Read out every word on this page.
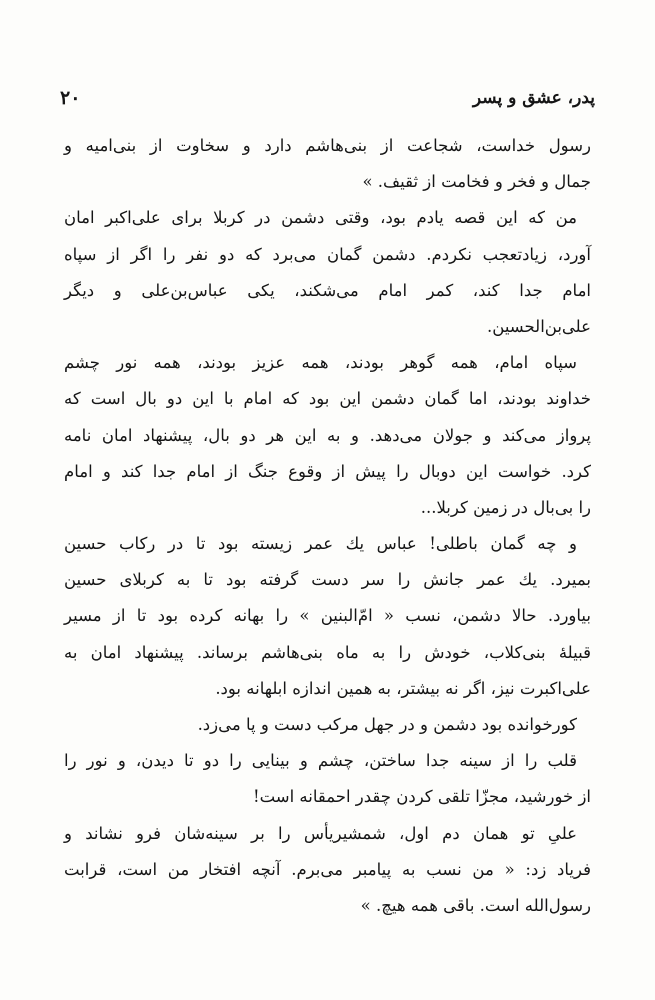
پدر، عشق و پسر
۲۰
رسول خداست، شجاعت از بنی‌هاشم دارد و سخاوت از بنی‌امیه و
جمال و فخر و فخامت از ثقیف. »
من که این قصه یادم بود، وقتی دشمن در کربلا برای علی‌اکبر امان
آورد، زیادتعجب نکردم. دشمن گمان می‌برد که دو نفر را اگر از سپاه
امام جدا کند، کمر امام می‌شکند، یکی عباس‌بن‌علی و دیگر
علی‌بن‌الحسین.
سپاه امام، همه گوهر بودند، همه عزیز بودند، همه نور چشم
خداوند بودند، اما گمان دشمن این بود که امام با این دو بال است که
پرواز می‌کند و جولان می‌دهد. و به این هر دو بال، پیشنهاد امان نامه
کرد. خواست این دوبال را پیش از وقوع جنگ از امام جدا کند و امام
را بی‌بال در زمین کربلا...
و چه گمان باطلی! عباس یك عمر زیسته بود تا در رکاب حسین
بمیرد. یك عمر جانش را سر دست گرفته بود تا به کربلای حسین
بیاورد. حالا دشمن، نسب « امّ‌البنین » را بهانه کرده بود تا از مسیر
قبیلهٔ بنی‌کلاب، خودش را به ماه بنی‌هاشم برساند. پیشنهاد امان به
علی‌اکبرت نیز، اگر نه بیشتر، به همین اندازه ابلهانه بود.
کورخوانده بود دشمن و در جهل مرکب دست و پا می‌زد.
قلب را از سینه جدا ساختن، چشم و بینایی را دو تا دیدن، و نور را
از خورشید، مجزّا تلقی کردن چقدر احمقانه است!
علیِ تو همان دم اول، شمشیریأس را بر سینه‌شان فرو نشاند و
فریاد زد: « من نسب به پیامبر می‌برم. آنچه افتخار من است، قرابت
رسول‌الله است. باقی همه هیچ. »
